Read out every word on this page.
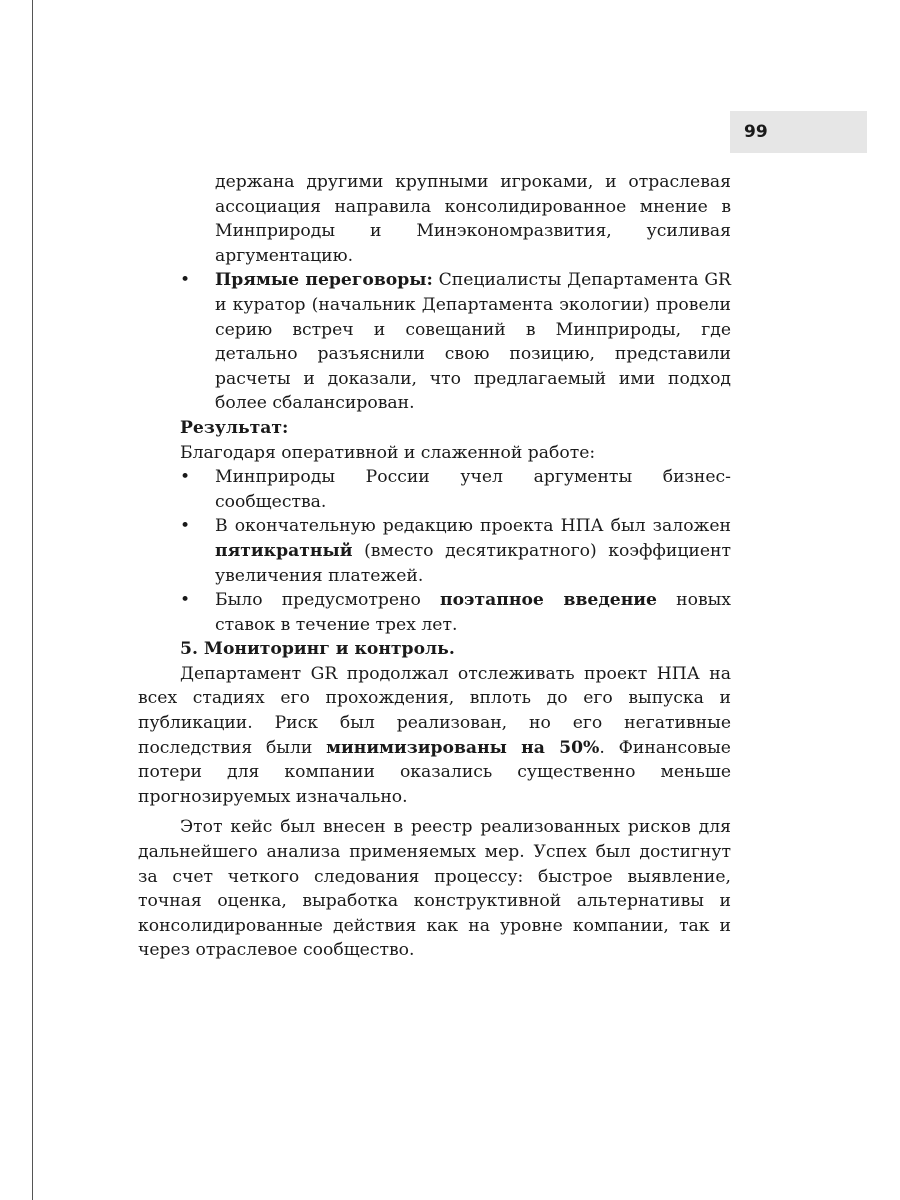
99

держана другими крупными игроками, и отраслевая ассоциация направила консолидированное мнение в Минприроды и Минэкономразвития, усиливая аргументацию.

• Прямые переговоры: Специалисты Департамента GR и куратор (начальник Департамента экологии) провели серию встреч и совещаний в Минприроды, где детально разъяснили свою позицию, представили расчеты и доказали, что предлагаемый ими подход более сбалансирован.

Результат:

Благодаря оперативной и слаженной работе:

• Минприроды России учел аргументы бизнес-сообщества.

• В окончательную редакцию проекта НПА был заложен пятикратный (вместо десятикратного) коэффициент увеличения платежей.

• Было предусмотрено поэтапное введение новых ставок в течение трех лет.

5. Мониторинг и контроль.

Департамент GR продолжал отслеживать проект НПА на всех стадиях его прохождения, вплоть до его выпуска и публикации. Риск был реализован, но его негативные последствия были минимизированы на 50%. Финансовые потери для компании оказались существенно меньше прогнозируемых изначально.

Этот кейс был внесен в реестр реализованных рисков для дальнейшего анализа применяемых мер. Успех был достигнут за счет четкого следования процессу: быстрое выявление, точная оценка, выработка конструктивной альтернативы и консолидированные действия как на уровне компании, так и через отраслевое сообщество.
